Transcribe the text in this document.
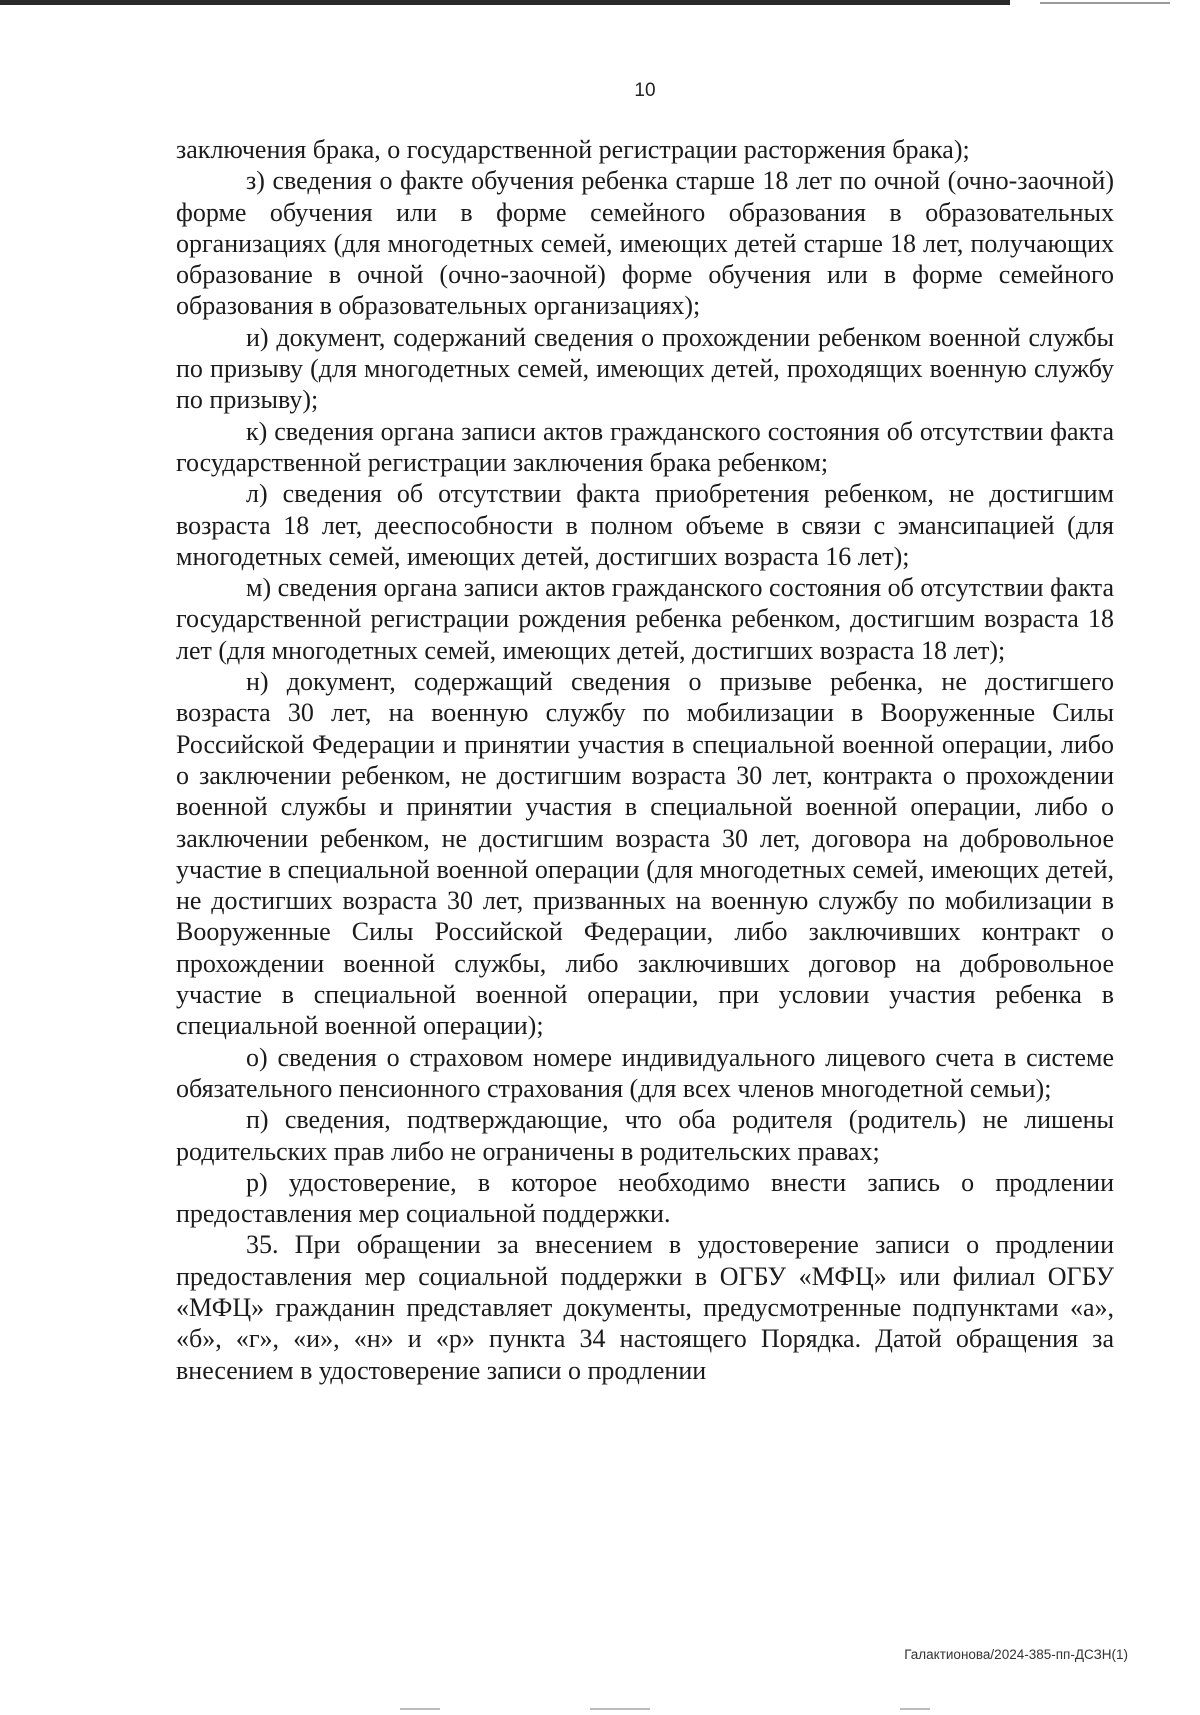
10

заключения брака, о государственной регистрации расторжения брака);

з) сведения о факте обучения ребенка старше 18 лет по очной (очно-заочной) форме обучения или в форме семейного образования в образовательных организациях (для многодетных семей, имеющих детей старше 18 лет, получающих образование в очной (очно-заочной) форме обучения или в форме семейного образования в образовательных организациях);

и) документ, содержаний сведения о прохождении ребенком военной службы по призыву (для многодетных семей, имеющих детей, проходящих военную службу по призыву);

к) сведения органа записи актов гражданского состояния об отсутствии факта государственной регистрации заключения брака ребенком;

л) сведения об отсутствии факта приобретения ребенком, не достигшим возраста 18 лет, дееспособности в полном объеме в связи с эмансипацией (для многодетных семей, имеющих детей, достигших возраста 16 лет);

м) сведения органа записи актов гражданского состояния об отсутствии факта государственной регистрации рождения ребенка ребенком, достигшим возраста 18 лет (для многодетных семей, имеющих детей, достигших возраста 18 лет);

н) документ, содержащий сведения о призыве ребенка, не достигшего возраста 30 лет, на военную службу по мобилизации в Вооруженные Силы Российской Федерации и принятии участия в специальной военной операции, либо о заключении ребенком, не достигшим возраста 30 лет, контракта о прохождении военной службы и принятии участия в специальной военной операции, либо о заключении ребенком, не достигшим возраста 30 лет, договора на добровольное участие в специальной военной операции (для многодетных семей, имеющих детей, не достигших возраста 30 лет, призванных на военную службу по мобилизации в Вооруженные Силы Российской Федерации, либо заключивших контракт о прохождении военной службы, либо заключивших договор на добровольное участие в специальной военной операции, при условии участия ребенка в специальной военной операции);

о) сведения о страховом номере индивидуального лицевого счета в системе обязательного пенсионного страхования (для всех членов многодетной семьи);

п) сведения, подтверждающие, что оба родителя (родитель) не лишены родительских прав либо не ограничены в родительских правах;

р) удостоверение, в которое необходимо внести запись о продлении предоставления мер социальной поддержки.

35. При обращении за внесением в удостоверение записи о продлении предоставления мер социальной поддержки в ОГБУ «МФЦ» или филиал ОГБУ «МФЦ» гражданин представляет документы, предусмотренные подпунктами «а», «б», «г», «и», «н» и «р» пункта 34 настоящего Порядка. Датой обращения за внесением в удостоверение записи о продлении

Галактионова/2024-385-пп-ДСЗН(1)
